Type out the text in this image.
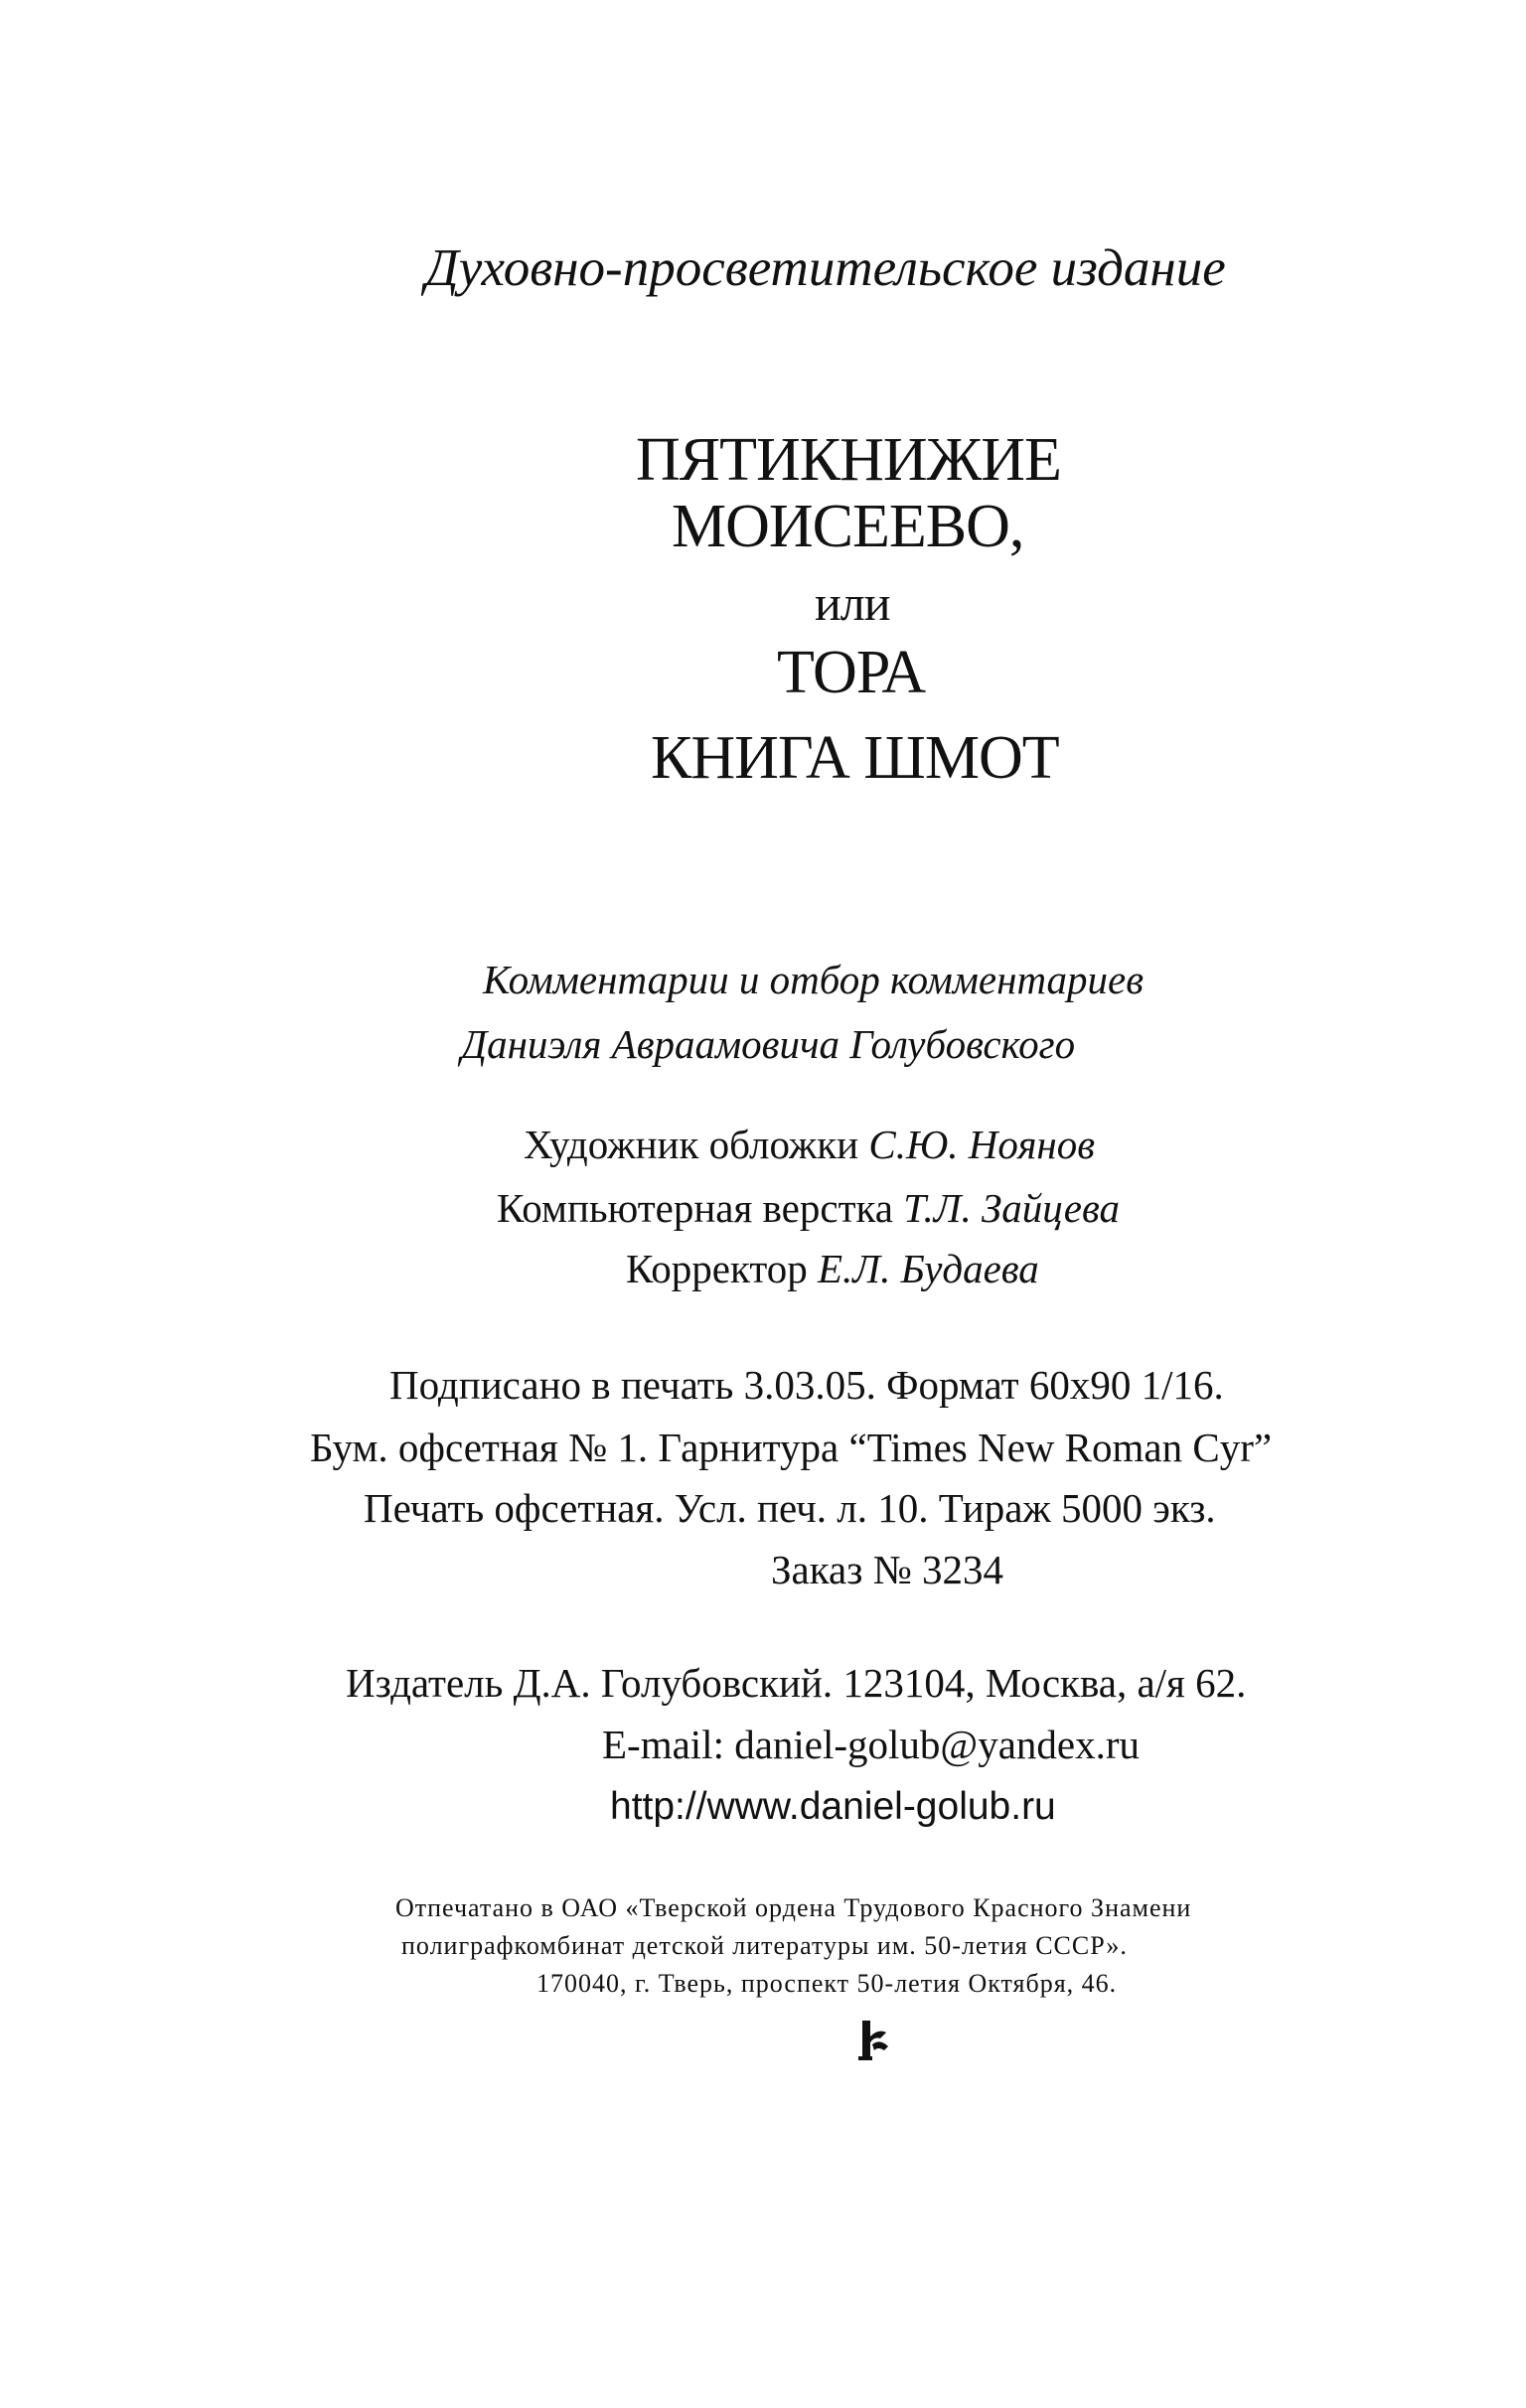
Духовно-просветительское издание
ПЯТИКНИЖИЕ
МОИСЕЕВО,
или
ТОРА
КНИГА ШМОТ
Комментарии и отбор комментариев
Даниэля Авраамовича Голубовского
Художник обложки С.Ю. Ноянов
Компьютерная верстка Т.Л. Зайцева
Корректор Е.Л. Будаева
Подписано в печать 3.03.05. Формат 60x90 1/16.
Бум. офсетная № 1. Гарнитура “Times New Roman Cyr”
Печать офсетная. Усл. печ. л. 10. Тираж 5000 экз.
Заказ № 3234
Издатель Д.А. Голубовский. 123104, Москва, а/я 62.
E-mail: daniel-golub@yandex.ru
http://www.daniel-golub.ru
Отпечатано в ОАО «Тверской ордена Трудового Красного Знамени
полиграфкомбинат детской литературы им. 50-летия СССР».
170040, г. Тверь, проспект 50-летия Октября, 46.
